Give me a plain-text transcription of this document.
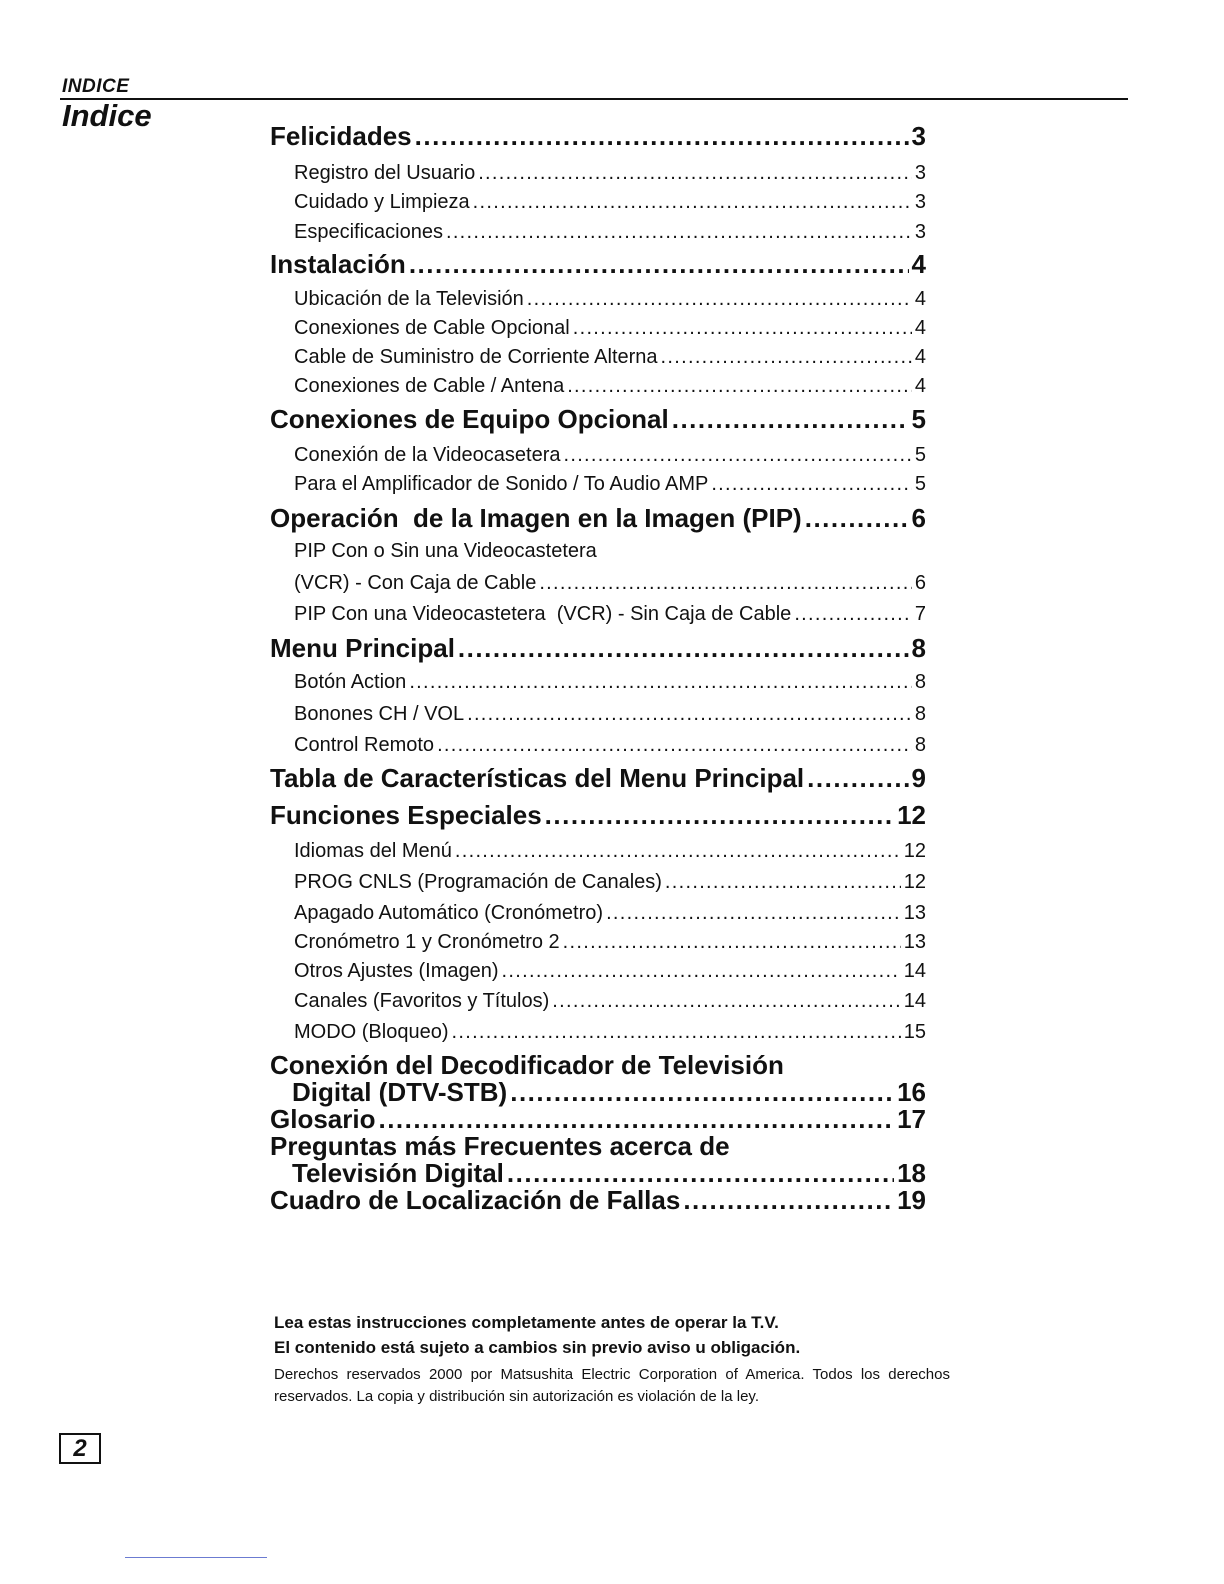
INDICE

Indice
Felicidades .....	3
Registro del Usuario .....	3
Cuidado y Limpieza .....	3
Especificaciones .....	3
Instalación .....	4
Ubicación de la Televisión .....	4
Conexiones de Cable Opcional .....	4
Cable de Suministro de Corriente Alterna .....	4
Conexiones de Cable / Antena .....	4
Conexiones de Equipo Opcional .....	5
Conexión de la Videocasetera .....	5
Para el Amplificador de Sonido / To Audio AMP .....	5
Operación  de la Imagen en la Imagen (PIP) .....	6
PIP Con o Sin una Videocastetera
(VCR) - Con Caja de Cable .....	6
PIP Con una Videocastetera  (VCR) - Sin Caja de Cable .....	7
Menu Principal .....	8
Botón Action .....	8
Bonones CH / VOL .....	8
Control Remoto .....	8
Tabla de Características del Menu Principal .....	9
Funciones Especiales .....	12
Idiomas del Menú .....	12
PROG CNLS (Programación de Canales) .....	12
Apagado Automático (Cronómetro) .....	13
Cronómetro 1 y Cronómetro 2 .....	13
Otros Ajustes (Imagen) .....	14
Canales (Favoritos y Títulos) .....	14
MODO (Bloqueo) .....	15
Conexión del Decodificador de Televisión
Digital (DTV-STB) .....	16
Glosario .....	17
Preguntas más Frecuentes acerca de
Televisión Digital .....	18
Cuadro de Localización de Fallas .....	19

Lea estas instrucciones completamente antes de operar la T.V.

El contenido está sujeto a cambios sin previo aviso u obligación.

Derechos reservados 2000 por Matsushita Electric Corporation of America. Todos los derechos reservados. La copia y distribución sin autorización es violación de la ley.

2
